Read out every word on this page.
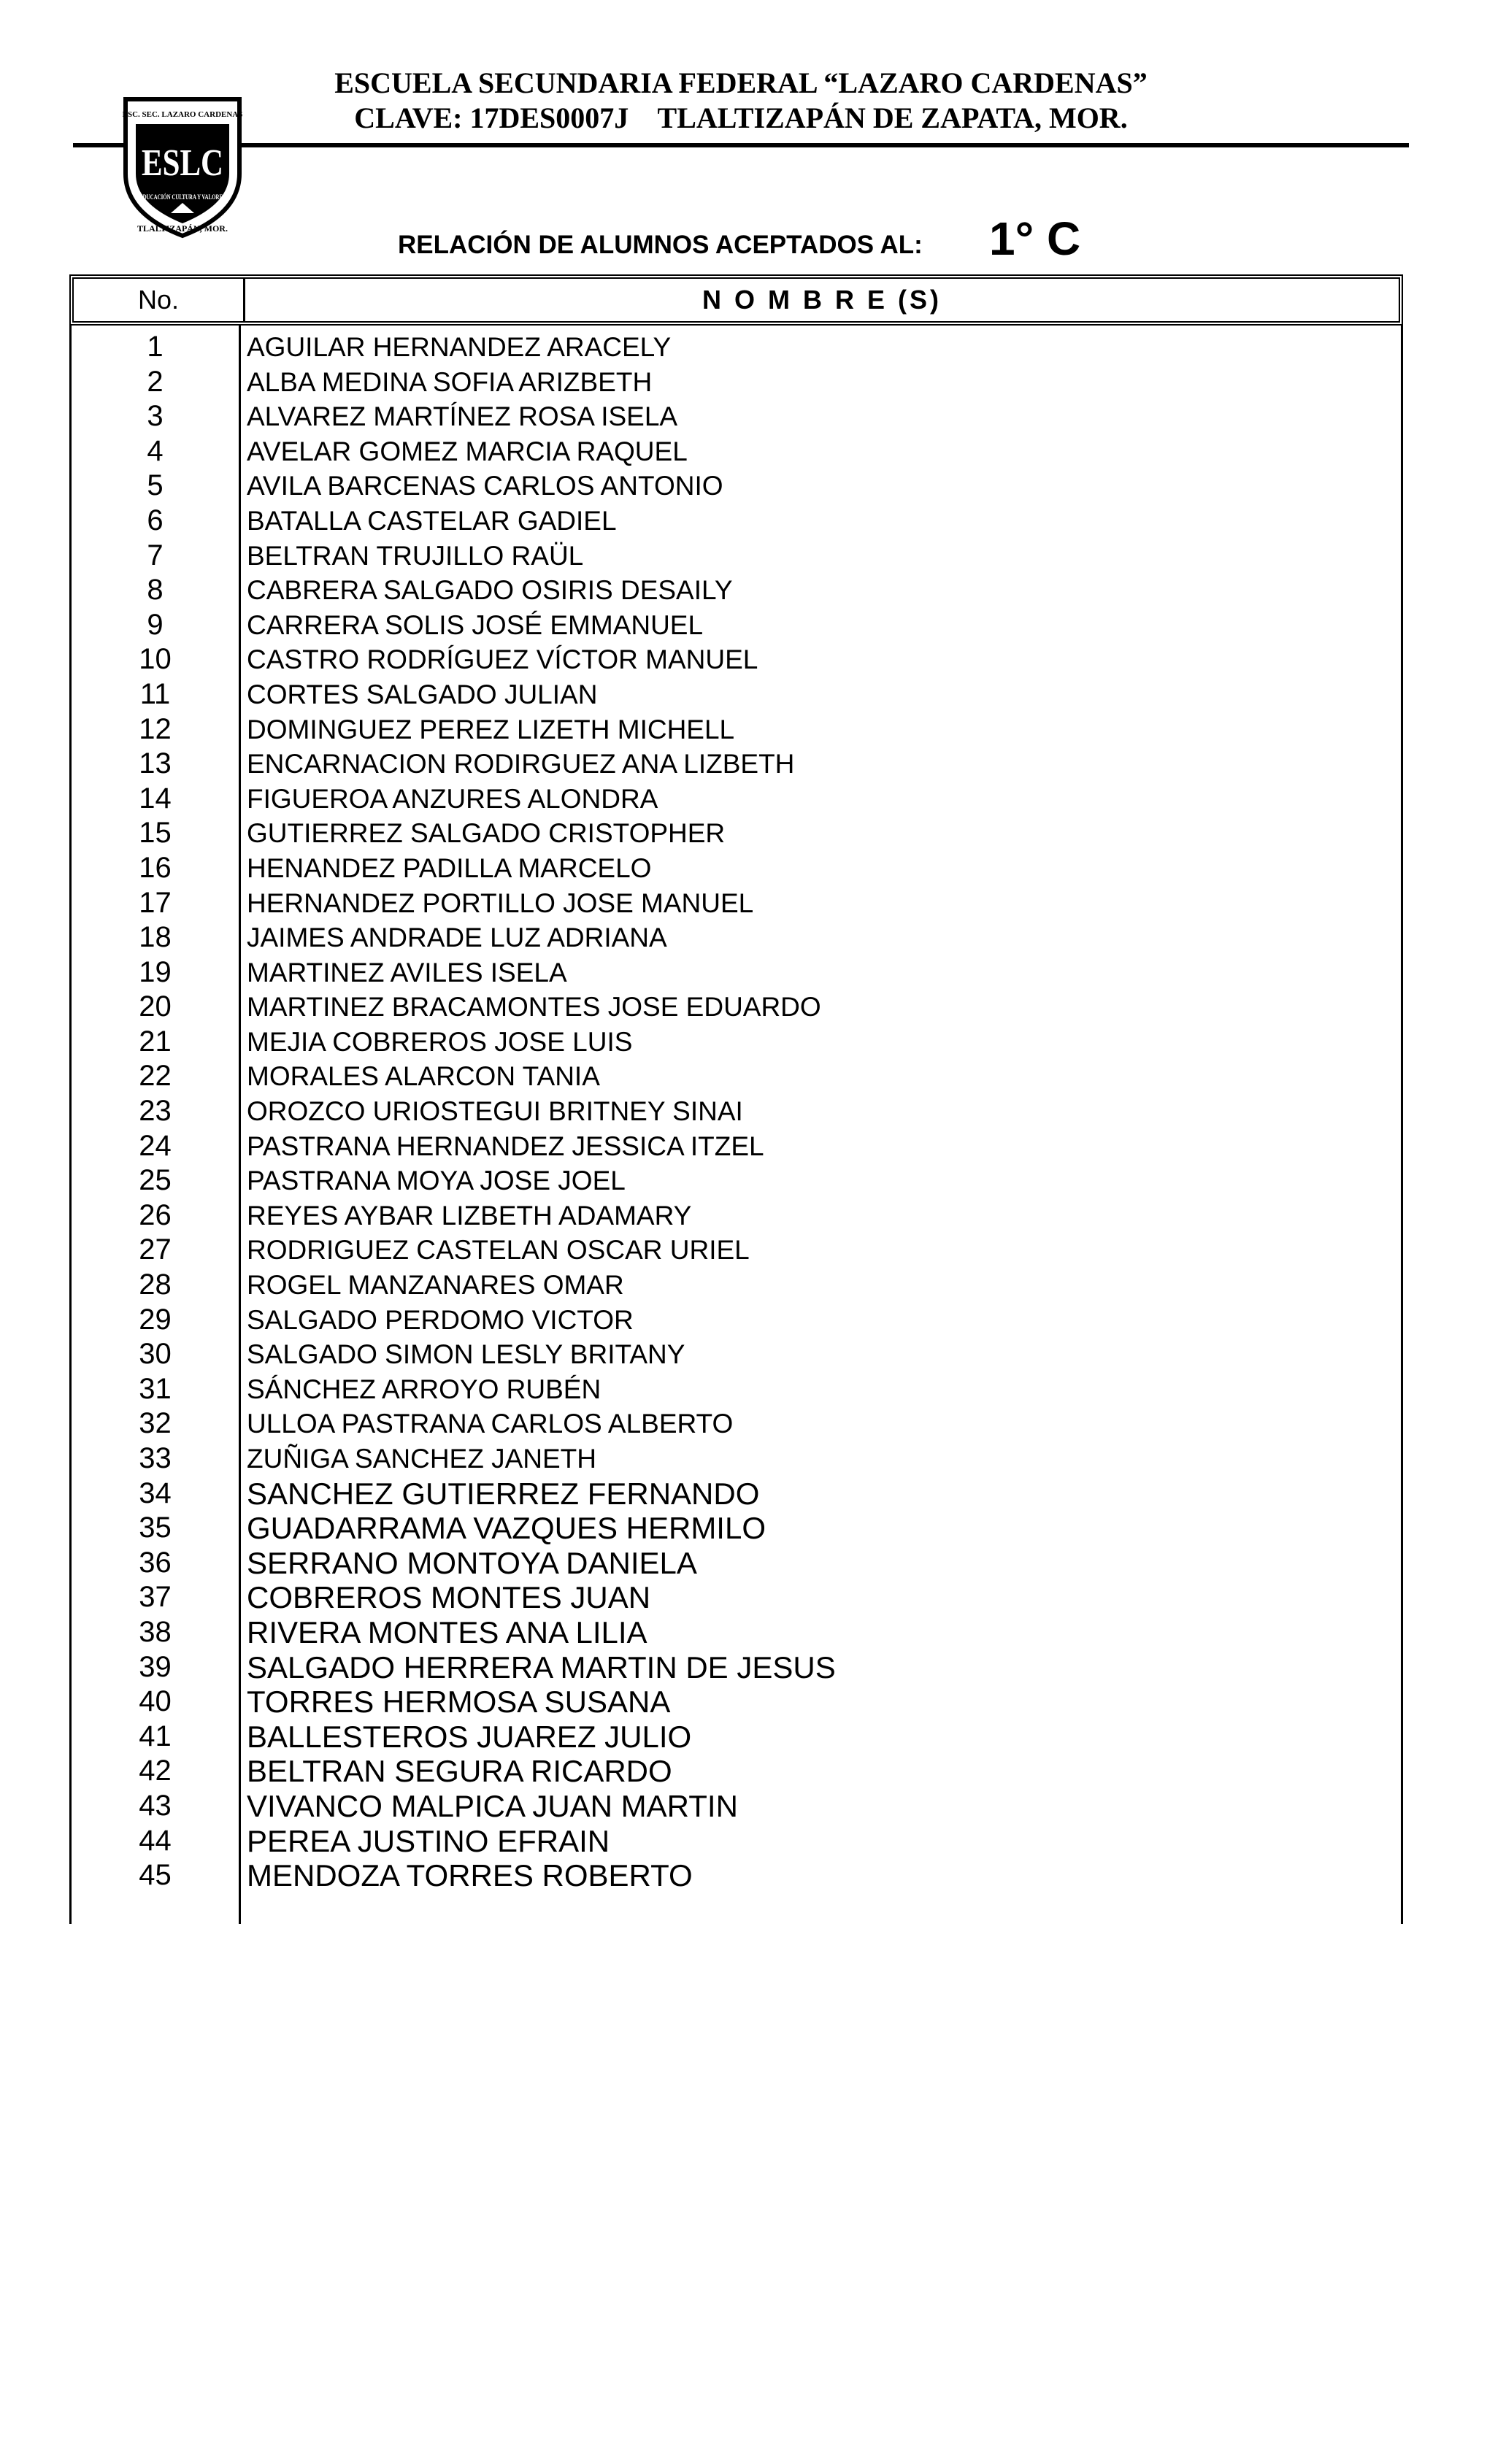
ESCUELA SECUNDARIA FEDERAL “LAZARO CARDENAS”
CLAVE: 17DES0007J    TLALTIZAPÁN DE ZAPATA, MOR.
ESC. SEC. LAZARO CARDENAS
ESLC
EDUCACIÓN CULTURA Y VALORES
TLALTIZAPÁN, MOR.
RELACIÓN DE ALUMNOS ACEPTADOS AL: 1° C
No.	N O M B R E (S)
1	AGUILAR HERNANDEZ ARACELY
2	ALBA MEDINA SOFIA ARIZBETH
3	ALVAREZ MARTÍNEZ ROSA ISELA
4	AVELAR GOMEZ MARCIA RAQUEL
5	AVILA BARCENAS CARLOS ANTONIO
6	BATALLA CASTELAR GADIEL
7	BELTRAN TRUJILLO RAÜL
8	CABRERA SALGADO OSIRIS DESAILY
9	CARRERA SOLIS JOSÉ EMMANUEL
10	CASTRO RODRÍGUEZ VÍCTOR MANUEL
11	CORTES SALGADO JULIAN
12	DOMINGUEZ PEREZ LIZETH MICHELL
13	ENCARNACION RODIRGUEZ ANA LIZBETH
14	FIGUEROA ANZURES ALONDRA
15	GUTIERREZ SALGADO CRISTOPHER
16	HENANDEZ PADILLA MARCELO
17	HERNANDEZ PORTILLO JOSE MANUEL
18	JAIMES ANDRADE LUZ ADRIANA
19	MARTINEZ AVILES ISELA
20	MARTINEZ BRACAMONTES JOSE EDUARDO
21	MEJIA COBREROS JOSE LUIS
22	MORALES ALARCON TANIA
23	OROZCO URIOSTEGUI BRITNEY SINAI
24	PASTRANA HERNANDEZ JESSICA ITZEL
25	PASTRANA MOYA JOSE JOEL
26	REYES AYBAR LIZBETH ADAMARY
27	RODRIGUEZ CASTELAN OSCAR URIEL
28	ROGEL MANZANARES OMAR
29	SALGADO PERDOMO VICTOR
30	SALGADO SIMON LESLY BRITANY
31	SÁNCHEZ ARROYO RUBÉN
32	ULLOA PASTRANA CARLOS ALBERTO
33	ZUÑIGA SANCHEZ JANETH
34	SANCHEZ GUTIERREZ FERNANDO
35	GUADARRAMA VAZQUES HERMILO
36	SERRANO MONTOYA DANIELA
37	COBREROS MONTES JUAN
38	RIVERA MONTES ANA LILIA
39	SALGADO HERRERA MARTIN DE JESUS
40	TORRES HERMOSA SUSANA
41	BALLESTEROS JUAREZ JULIO
42	BELTRAN SEGURA RICARDO
43	VIVANCO MALPICA JUAN MARTIN
44	PEREA JUSTINO EFRAIN
45	MENDOZA TORRES ROBERTO
